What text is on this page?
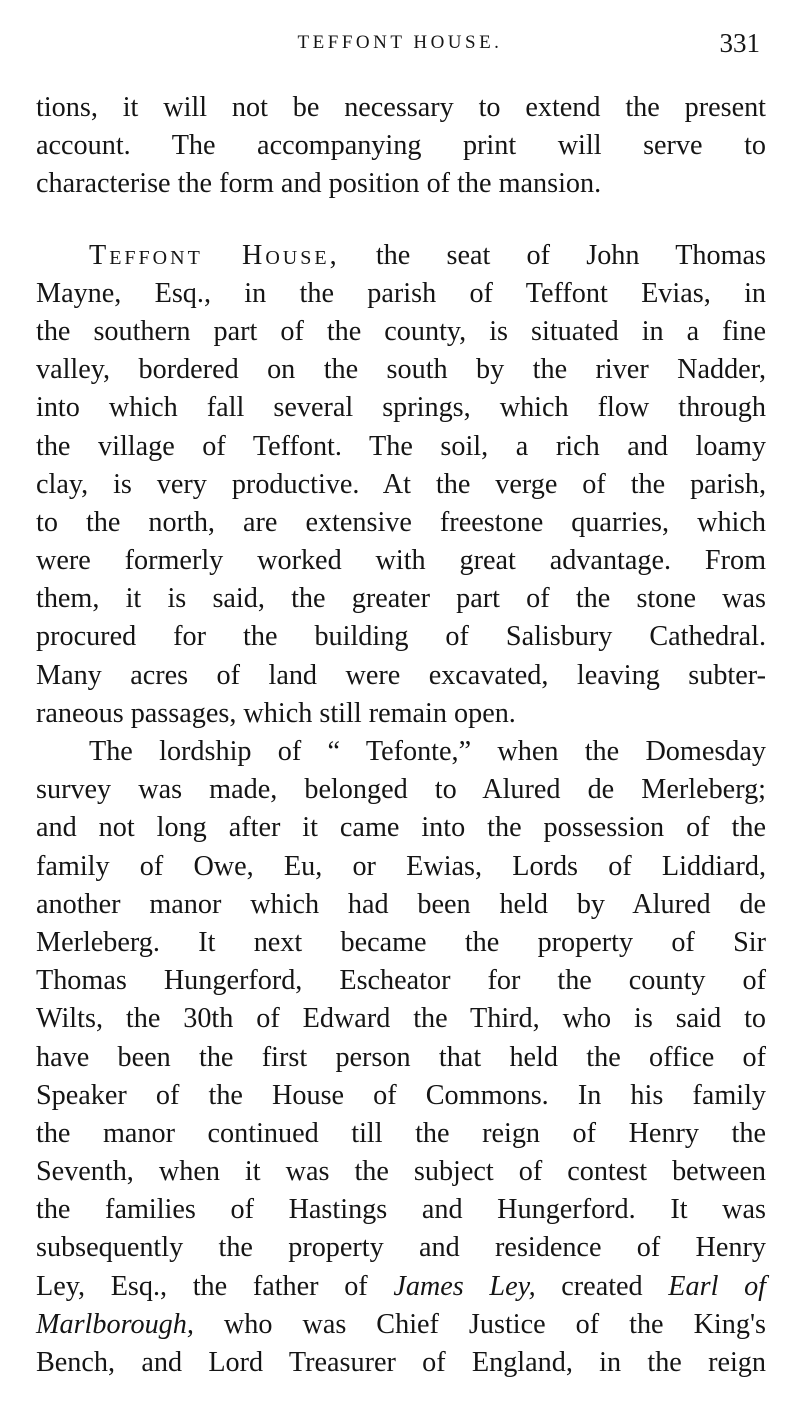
TEFFONT HOUSE.	331
tions, it will not be necessary to extend the present
account. The accompanying print will serve to
characterise the form and position of the mansion.
Teffont House, the seat of John Thomas
Mayne, Esq., in the parish of Teffont Evias, in
the southern part of the county, is situated in a fine
valley, bordered on the south by the river Nadder,
into which fall several springs, which flow through
the village of Teffont. The soil, a rich and loamy
clay, is very productive. At the verge of the parish,
to the north, are extensive freestone quarries, which
were formerly worked with great advantage. From
them, it is said, the greater part of the stone was
procured for the building of Salisbury Cathedral.
Many acres of land were excavated, leaving subter-
raneous passages, which still remain open.
The lordship of “ Tefonte,” when the Domesday
survey was made, belonged to Alured de Merleberg;
and not long after it came into the possession of the
family of Owe, Eu, or Ewias, Lords of Liddiard,
another manor which had been held by Alured de
Merleberg. It next became the property of Sir
Thomas Hungerford, Escheator for the county of
Wilts, the 30th of Edward the Third, who is said to
have been the first person that held the office of
Speaker of the House of Commons. In his family
the manor continued till the reign of Henry the
Seventh, when it was the subject of contest between
the families of Hastings and Hungerford. It was
subsequently the property and residence of Henry
Ley, Esq., the father of James Ley, created Earl of
Marlborough, who was Chief Justice of the King's
Bench, and Lord Treasurer of England, in the reign
